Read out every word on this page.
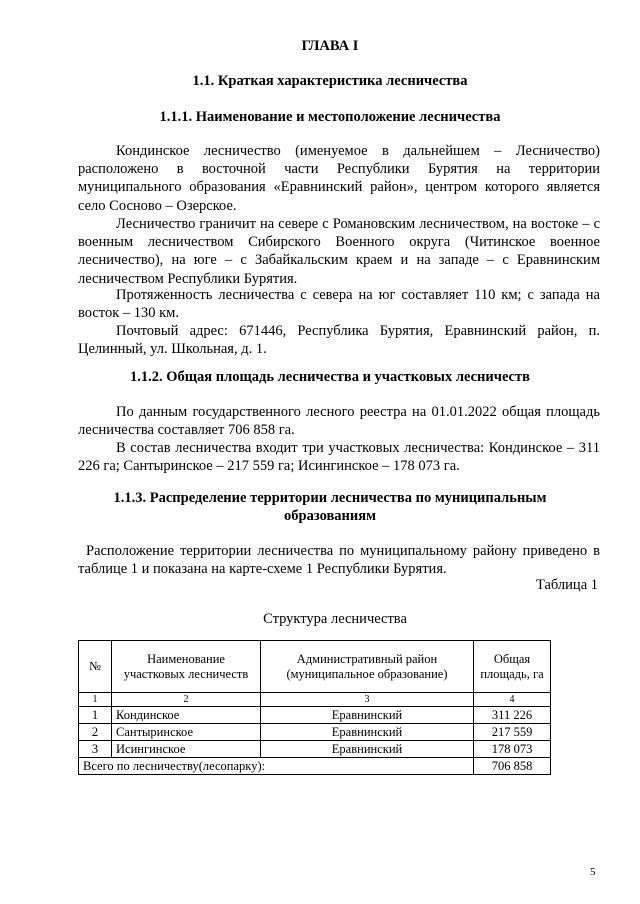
ГЛАВА I
1.1. Краткая характеристика лесничества
1.1.1. Наименование и местоположение лесничества
Кондинское лесничество (именуемое в дальнейшем – Лесничество) расположено в восточной части Республики Бурятия на территории муниципального образования «Еравнинский район», центром которого является село Сосново – Озерское.
Лесничество граничит на севере с Романовским лесничеством, на востоке – с военным лесничеством Сибирского Военного округа (Читинское военное лесничество), на юге – с Забайкальским краем и на западе – с Еравнинским лесничеством Республики Бурятия.
Протяженность лесничества с севера на юг составляет 110 км; с запада на восток – 130 км.
Почтовый адрес: 671446, Республика Бурятия, Еравнинский район, п. Целинный, ул. Школьная, д. 1.
1.1.2. Общая площадь лесничества и участковых лесничеств
По данным государственного лесного реестра на 01.01.2022 общая площадь лесничества составляет 706 858 га.
В состав лесничества входит три участковых лесничества: Кондинское – 311 226 га; Сантыринское – 217 559 га; Исингинское – 178 073 га.
1.1.3. Распределение территории лесничества по муниципальным
образованиям
Расположение территории лесничества по муниципальному району приведено в таблице 1 и показана на карте-схеме 1 Республики Бурятия.
Таблица 1
Структура лесничества
№	Наименование участковых лесничеств	Административный район (муниципальное образование)	Общая площадь, га
1	2	3	4
1	Кондинское	Еравнинский	311 226
2	Сантыринское	Еравнинский	217 559
3	Исингинское	Еравнинский	178 073
Всего по лесничеству(лесопарку):			706 858
5
